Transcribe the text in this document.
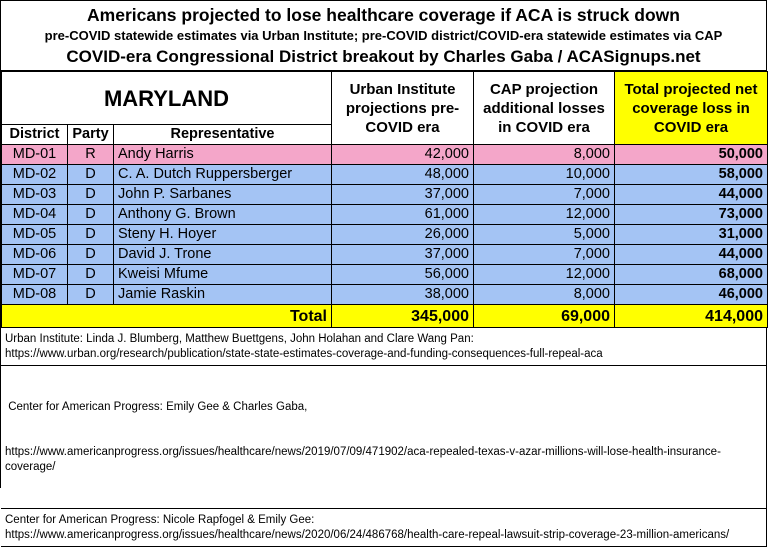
Americans projected to lose healthcare coverage if ACA is struck down
pre-COVID statewide estimates via Urban Institute; pre-COVID district/COVID-era statewide estimates via CAP
COVID-era Congressional District breakout by Charles Gaba / ACASignups.net
MARYLAND			Urban Institute projections pre-COVID era	CAP projection additional losses in COVID era	Total projected net coverage loss in COVID era
District	Party	Representative			
MD-01	R	Andy Harris	42,000	8,000	50,000
MD-02	D	C. A. Dutch Ruppersberger	48,000	10,000	58,000
MD-03	D	John P. Sarbanes	37,000	7,000	44,000
MD-04	D	Anthony G. Brown	61,000	12,000	73,000
MD-05	D	Steny H. Hoyer	26,000	5,000	31,000
MD-06	D	David J. Trone	37,000	7,000	44,000
MD-07	D	Kweisi Mfume	56,000	12,000	68,000
MD-08	D	Jamie Raskin	38,000	8,000	46,000
Total			345,000	69,000	414,000
Urban Institute: Linda J. Blumberg, Matthew Buettgens, John Holahan and Clare Wang Pan:
https://www.urban.org/research/publication/state-state-estimates-coverage-and-funding-consequences-full-repeal-aca

Center for American Progress: Emily Gee & Charles Gaba,

https://www.americanprogress.org/issues/healthcare/news/2019/07/09/471902/aca-repealed-texas-v-azar-millions-will-lose-health-insurance-coverage/

Center for American Progress: Nicole Rapfogel & Emily Gee:
https://www.americanprogress.org/issues/healthcare/news/2020/06/24/486768/health-care-repeal-lawsuit-strip-coverage-23-million-americans/
